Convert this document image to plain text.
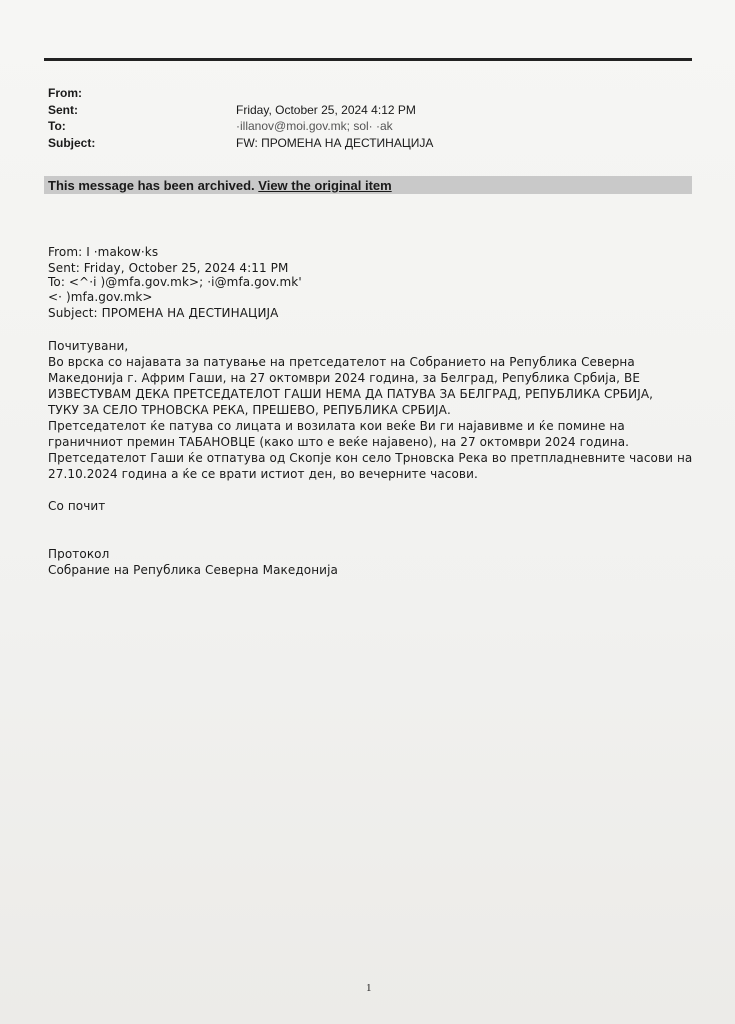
From:
Sent:	Friday, October 25, 2024 4:12 PM
To:	·illanov@moi.gov.mk; sol· ·ak
Subject:	FW: ПРОМЕНА НА ДЕСТИНАЦИЈА
This message has been archived. View the original item
From: I ·makow·ks
Sent: Friday, October 25, 2024 4:11 PM
To: <^·i )@mfa.gov.mk>; ·i@mfa.gov.mk'
<· )mfa.gov.mk>
Subject: ПРОМЕНА НА ДЕСТИНАЦИЈА
Почитувани,
Во врска со најавата за патување на претседателот на Собранието на Република Северна
Македонија г. Африм Гаши, на 27 октомври 2024 година, за Белград, Република Србија, ВЕ
ИЗВЕСТУВАМ ДЕКА ПРЕТСЕДАТЕЛОТ ГАШИ НЕМА ДА ПАТУВА ЗА БЕЛГРАД, РЕПУБЛИКА СРБИЈА,
ТУКУ ЗА СЕЛО ТРНОВСКА РЕКА, ПРЕШЕВО, РЕПУБЛИКА СРБИЈА.
Претседателот ќе патува со лицата и возилата кои веќе Ви ги најавивме и ќе помине на
граничниот премин ТАБАНОВЦЕ (како што е веќе најавено), на 27 октомври 2024 година.
Претседателот Гаши ќе отпатува од Скопје кон село Трновска Река во претпладневните часови на
27.10.2024 година а ќе се врати истиот ден, во вечерните часови.
Со почит
Протокол
Собрание на Република Северна Македонија
1
